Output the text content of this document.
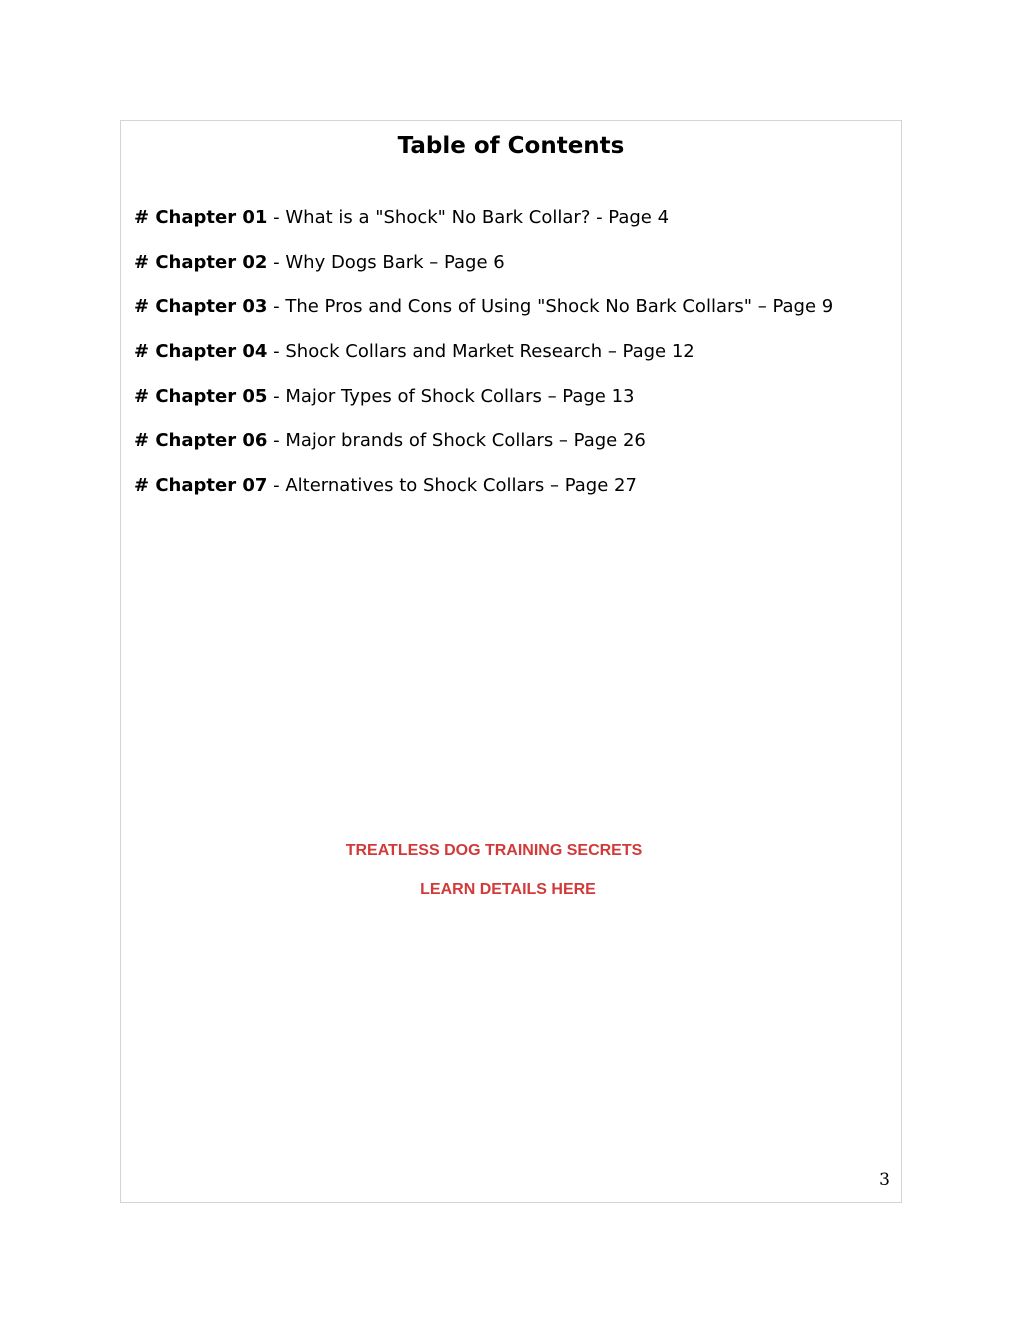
Table of Contents
# Chapter 01 - What is a "Shock" No Bark Collar? - Page 4
# Chapter 02 - Why Dogs Bark – Page 6
# Chapter 03 - The Pros and Cons of Using "Shock No Bark Collars" – Page 9
# Chapter 04 - Shock Collars and Market Research – Page 12
# Chapter 05 - Major Types of Shock Collars – Page 13
# Chapter 06 - Major brands of Shock Collars – Page 26
# Chapter 07 - Alternatives to Shock Collars – Page 27
TREATLESS DOG TRAINING SECRETS
LEARN DETAILS HERE
3
